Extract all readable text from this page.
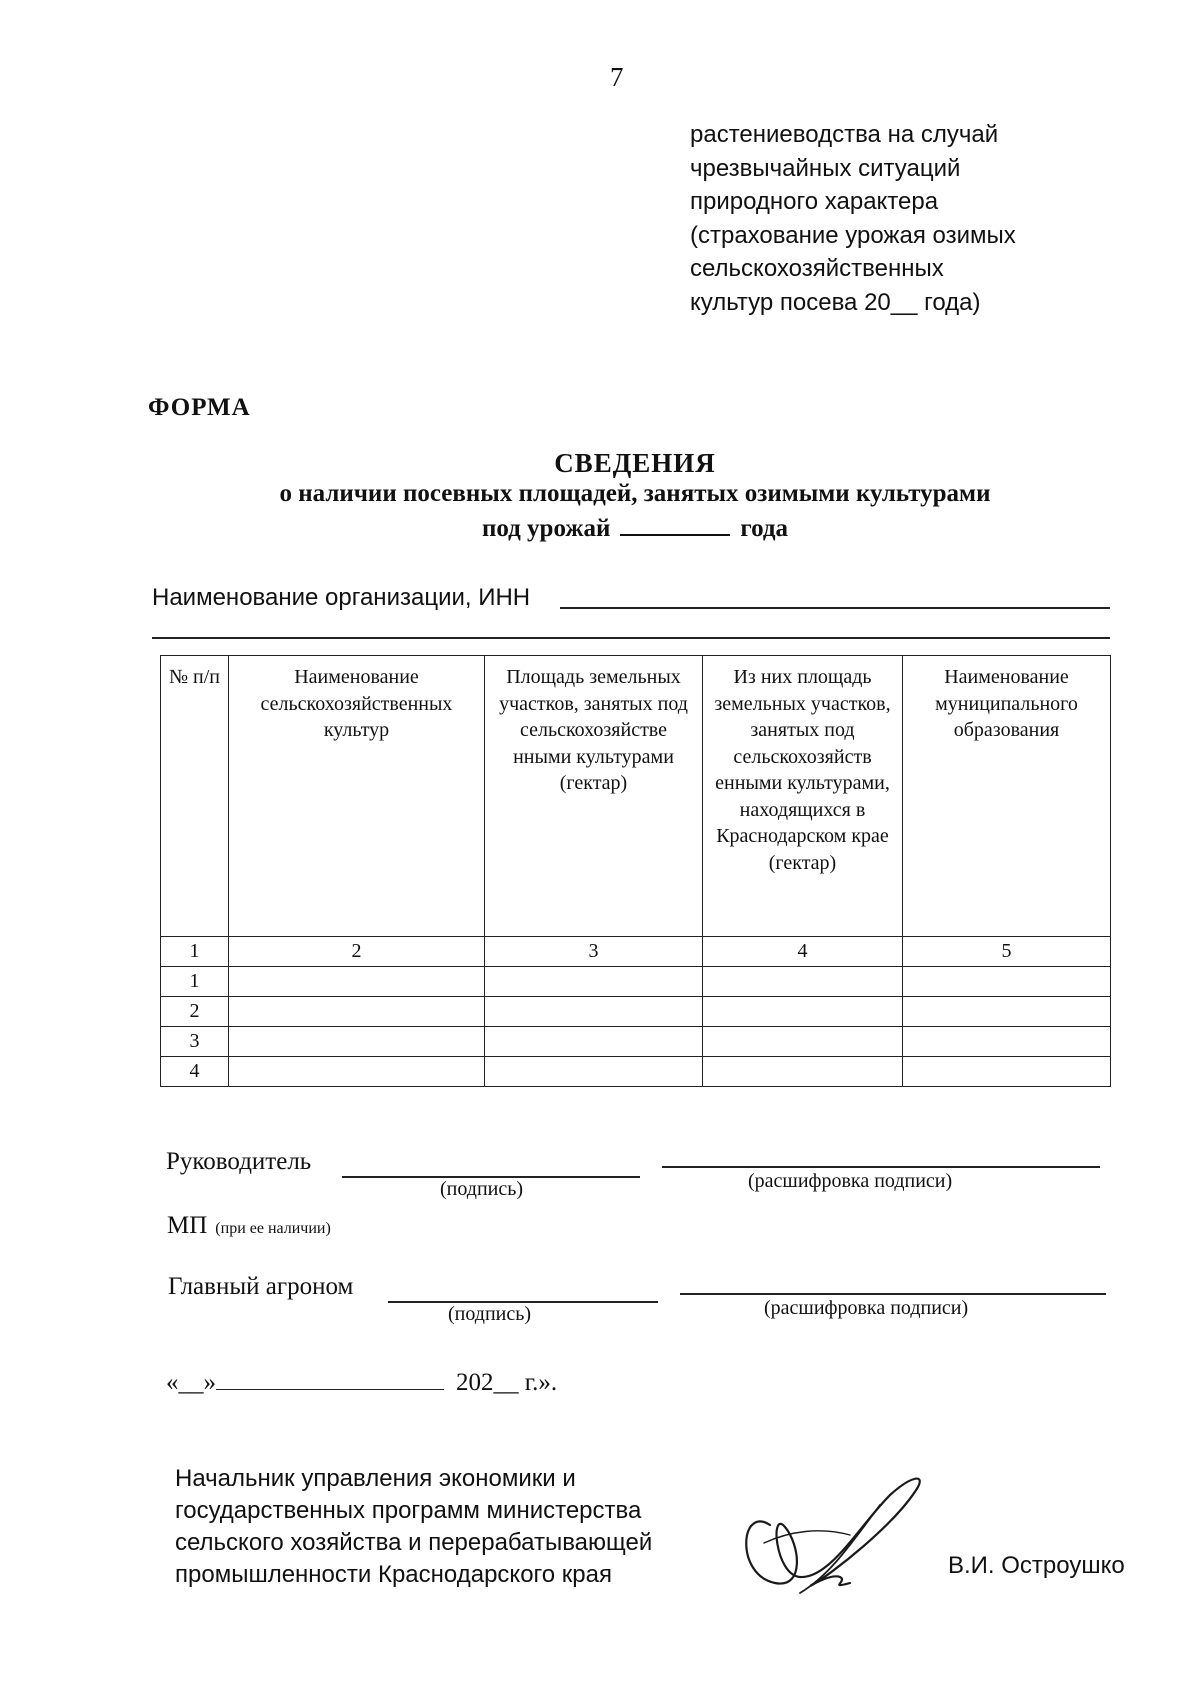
7
растениеводства на случай
чрезвычайных ситуаций
природного характера
(страхование урожая озимых
сельскохозяйственных
культур посева 20__ года)
ФОРМА
СВЕДЕНИЯ
о наличии посевных площадей, занятых озимыми культурами
под урожай	года
Наименование организации, ИНН
№ п/п	Наименование сельскохозяйственных культур	Площадь земельных участков, занятых под сельскохозяйстве нными культурами (гектар)	Из них площадь земельных участков, занятых под сельскохозяйств енными культурами, находящихся в Краснодарском крае (гектар)	Наименование муниципального образования
1	2	3	4	5
1				
2				
3				
4				
Руководитель
(подпись)	(расшифровка подписи)
МП (при ее наличии)
Главный агроном
(подпись)	(расшифровка подписи)
«__»	202__ г.».
Начальник управления экономики и
государственных программ министерства
сельского хозяйства и перерабатывающей
промышленности Краснодарского края	В.И. Остроушко
